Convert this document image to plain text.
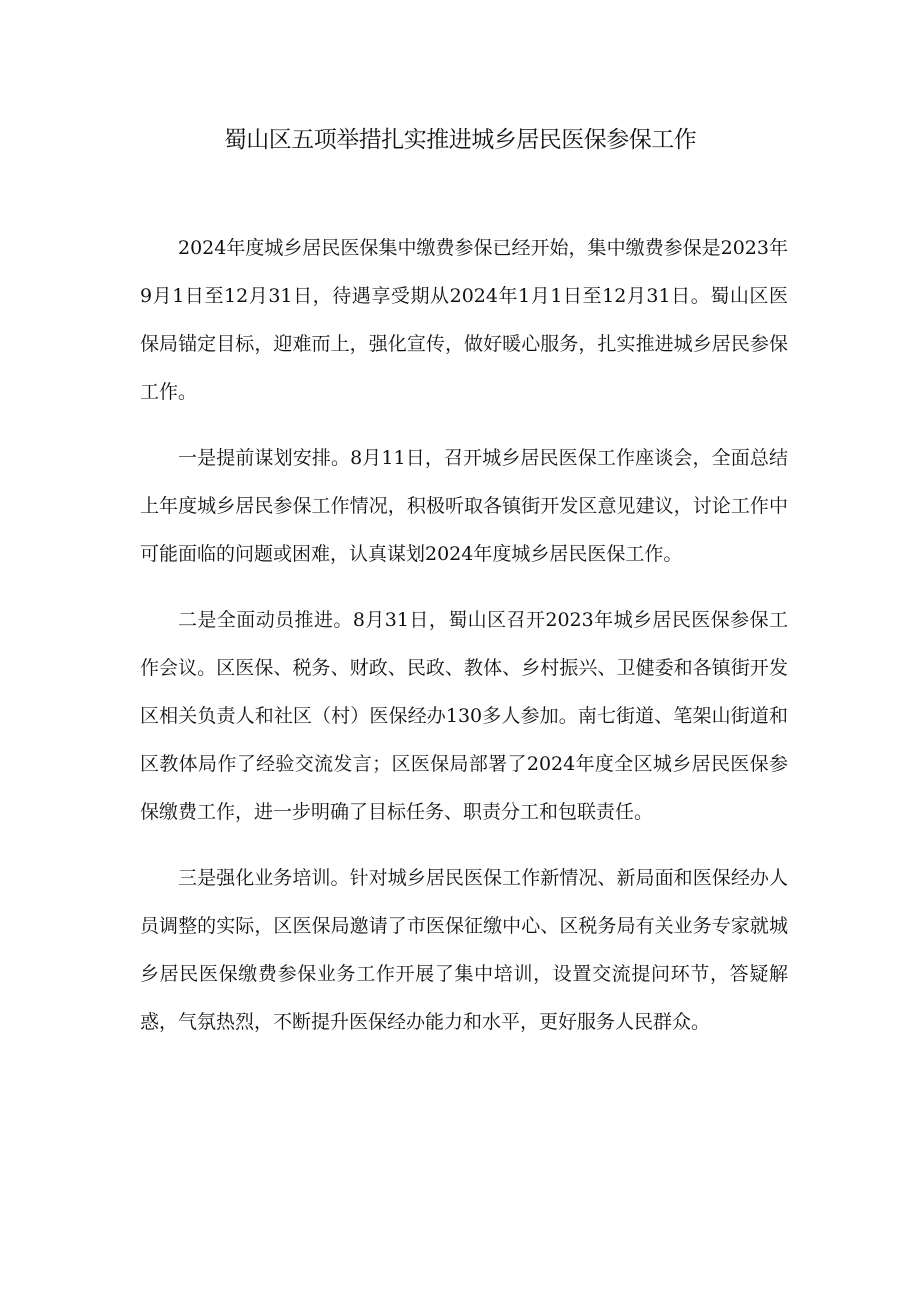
蜀山区五项举措扎实推进城乡居民医保参保工作

2024年度城乡居民医保集中缴费参保已经开始，集中缴费参保是2023年9月1日至12月31日，待遇享受期从2024年1月1日至12月31日。蜀山区医保局锚定目标，迎难而上，强化宣传，做好暖心服务，扎实推进城乡居民参保工作。

一是提前谋划安排。8月11日，召开城乡居民医保工作座谈会，全面总结上年度城乡居民参保工作情况，积极听取各镇街开发区意见建议，讨论工作中可能面临的问题或困难，认真谋划2024年度城乡居民医保工作。

二是全面动员推进。8月31日，蜀山区召开2023年城乡居民医保参保工作会议。区医保、税务、财政、民政、教体、乡村振兴、卫健委和各镇街开发区相关负责人和社区（村）医保经办130多人参加。南七街道、笔架山街道和区教体局作了经验交流发言；区医保局部署了2024年度全区城乡居民医保参保缴费工作，进一步明确了目标任务、职责分工和包联责任。

三是强化业务培训。针对城乡居民医保工作新情况、新局面和医保经办人员调整的实际，区医保局邀请了市医保征缴中心、区税务局有关业务专家就城乡居民医保缴费参保业务工作开展了集中培训，设置交流提问环节，答疑解惑，气氛热烈，不断提升医保经办能力和水平，更好服务人民群众。
